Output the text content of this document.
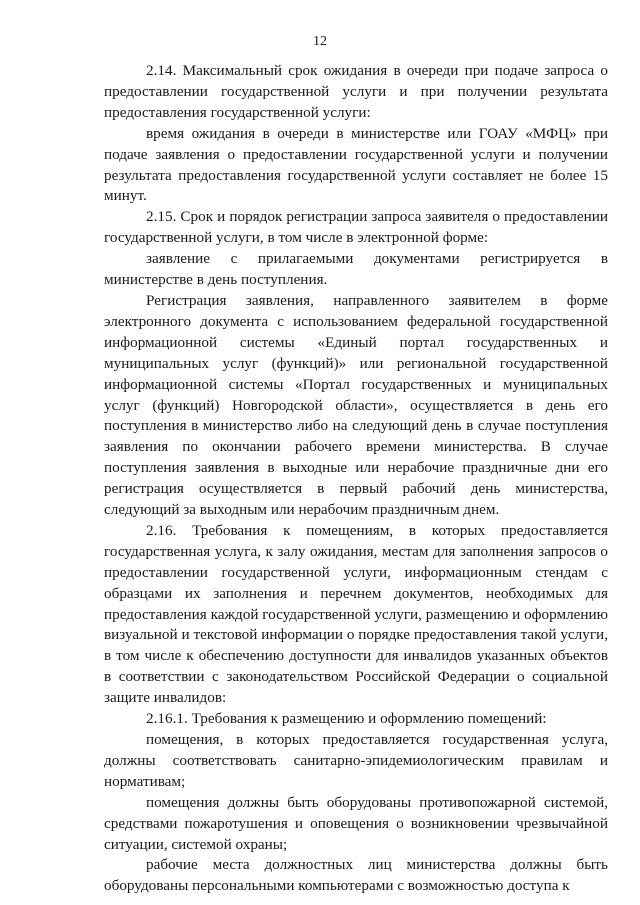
12

2.14. Максимальный срок ожидания в очереди при подаче запроса о предоставлении государственной услуги и при получении результата предоставления государственной услуги:

время ожидания в очереди в министерстве или ГОАУ «МФЦ» при подаче заявления о предоставлении государственной услуги и получении результата предоставления государственной услуги составляет не более 15 минут.

2.15. Срок и порядок регистрации запроса заявителя о предоставлении государственной услуги, в том числе в электронной форме:

заявление с прилагаемыми документами регистрируется в министерстве в день поступления.

Регистрация заявления, направленного заявителем в форме электронного документа с использованием федеральной государственной информационной системы «Единый портал государственных и муниципальных услуг (функций)» или региональной государственной информационной системы «Портал государственных и муниципальных услуг (функций) Новгородской области», осуществляется в день его поступления в министерство либо на следующий день в случае поступления заявления по окончании рабочего времени министерства. В случае поступления заявления в выходные или нерабочие праздничные дни его регистрация осуществляется в первый рабочий день министерства, следующий за выходным или нерабочим праздничным днем.

2.16. Требования к помещениям, в которых предоставляется государственная услуга, к залу ожидания, местам для заполнения запросов о предоставлении государственной услуги, информационным стендам с образцами их заполнения и перечнем документов, необходимых для предоставления каждой государственной услуги, размещению и оформлению визуальной и текстовой информации о порядке предоставления такой услуги, в том числе к обеспечению доступности для инвалидов указанных объектов в соответствии с законодательством Российской Федерации о социальной защите инвалидов:

2.16.1. Требования к размещению и оформлению помещений:

помещения, в которых предоставляется государственная услуга, должны соответствовать санитарно-эпидемиологическим правилам и нормативам;

помещения должны быть оборудованы противопожарной системой, средствами пожаротушения и оповещения о возникновении чрезвычайной ситуации, системой охраны;

рабочие места должностных лиц министерства должны быть оборудованы персональными компьютерами с возможностью доступа к
